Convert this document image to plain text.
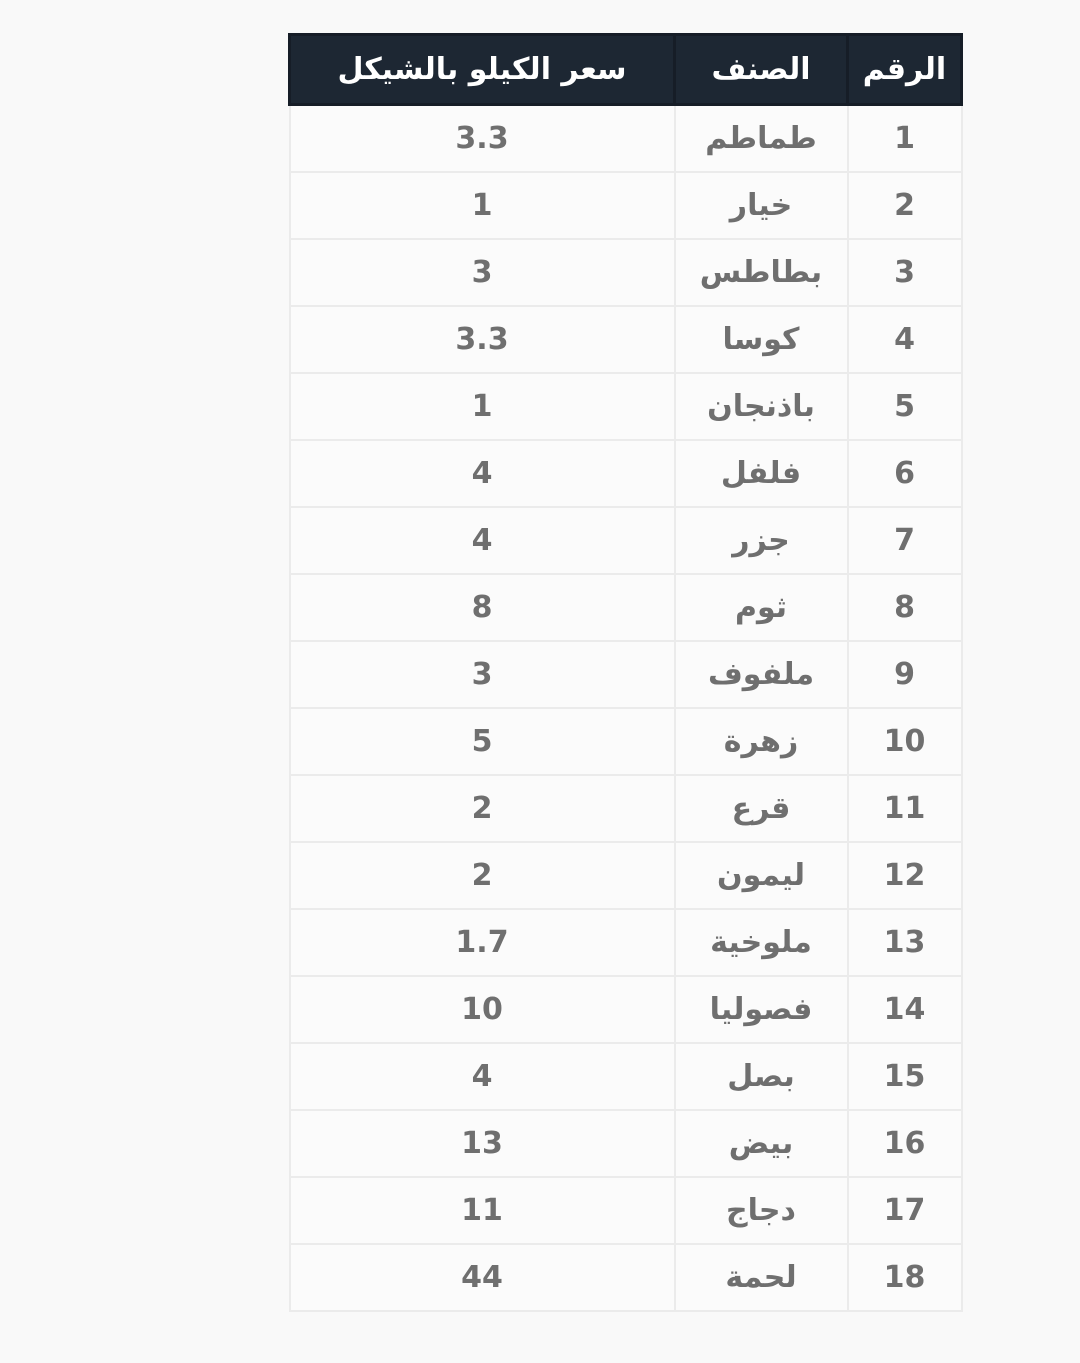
الرقم	الصنف	سعر الكيلو بالشيكل
1	طماطم	3.3
2	خيار	1
3	بطاطس	3
4	كوسا	3.3
5	باذنجان	1
6	فلفل	4
7	جزر	4
8	ثوم	8
9	ملفوف	3
10	زهرة	5
11	قرع	2
12	ليمون	2
13	ملوخية	1.7
14	فصوليا	10
15	بصل	4
16	بيض	13
17	دجاج	11
18	لحمة	44
